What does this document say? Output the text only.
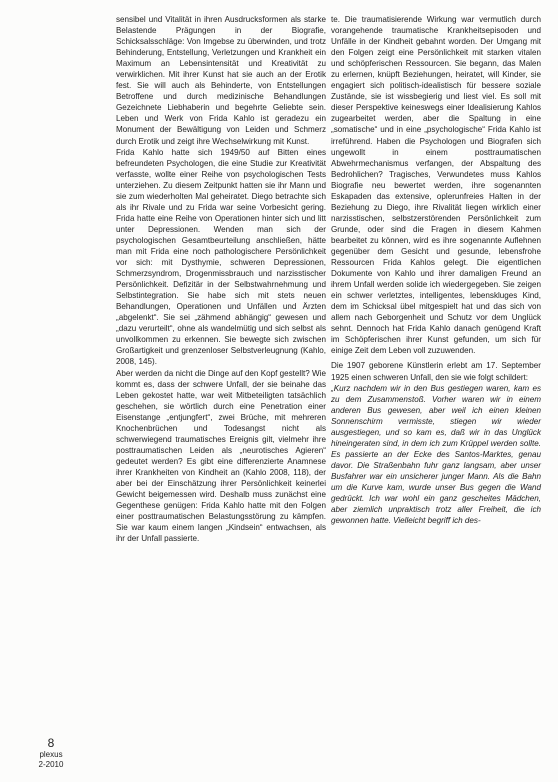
sensibel und Vitalität in ihren Ausdrucksformen als starke Belastende Prägungen in der Biografie, Schicksalsschläge: Von Imgebse zu überwinden, und trotz Behinderung, Entstellung, Verletzungen und Krankheit ein Maximum an Lebensintensität und Kreativität zu verwirklichen. Mit ihrer Kunst hat sie auch an der Erotik fest. Sie will auch als Behinderte, von Entstellungen Betroffene und durch medizinische Behandlungen Gezeichnete Liebhaberin und begehrte Geliebte sein. Leben und Werk von Frida Kahlo ist geradezu ein Monument der Bewältigung von Leiden und Schmerz durch Erotik und zeigt ihre Wechselwirkung mit Kunst.

Frida Kahlo hatte sich 1949/50 auf Bitten eines befreundeten Psychologen, die eine Studie zur Kreativität verfasste, wollte einer Reihe von psychologischen Tests unterziehen. Zu diesem Zeitpunkt hatten sie ihr Mann und sie zum wiederholten Mal geheiratet. Diego betrachte sich als ihr Rivale und zu Frida war seine Vorbesicht gering. Frida hatte eine Reihe von Operationen hinter sich und litt unter Depressionen. Wenden man sich der psychologischen Gesamtbeurteilung anschließen, hätte man mit Frida eine noch pathologischere Persönlichkeit vor sich: mit Dysthymie, schweren Depressionen, Schmerzsyndrom, Drogenmissbrauch und narzisstischer Persönlichkeit. Defizitär in der Selbstwahrnehmung und Selbstintegration. Sie habe sich mit stets neuen Behandlungen, Operationen und Unfällen und Ärzten „abgelenkt“. Sie sei „zähmend abhängig“ gewesen und „dazu verurteilt“, ohne als wandelmütig und sich selbst als unvollkommen zu erkennen. Sie bewegte sich zwischen Großartigkeit und grenzenloser Selbstverleugnung (Kahlo, 2008, 145).

Aber werden da nicht die Dinge auf den Kopf gestellt? Wie kommt es, dass der schwere Unfall, der sie beinahe das Leben gekostet hatte, war weit Mitbeteiligten tatsächlich geschehen, sie wörtlich durch eine Penetration einer Eisenstange „entjungfert“, zwei Brüche, mit mehreren Knochenbrüchen und Todesangst nicht als schwerwiegend traumatisches Ereignis gilt, vielmehr ihre posttraumatischen Leiden als „neurotisches Agieren“ gedeutet werden? Es gibt eine differenzierte Anamnese ihrer Krankheiten von Kindheit an (Kahlo 2008, 118), der aber bei der Einschätzung ihrer Persönlichkeit keinerlei Gewicht beigemessen wird. Deshalb muss zunächst eine Gegenthese genügen: Frida Kahlo hatte mit den Folgen einer posttraumatischen Belastungsstörung zu kämpfen. Sie war kaum einem langen „Kindsein“ entwachsen, als ihr der Unfall passierte.

te. Die traumatisierende Wirkung war vermutlich durch vorangehende traumatische Krankheitsepisoden und Unfälle in der Kindheit gebahnt worden. Der Umgang mit den Folgen zeigt eine Persönlichkeit mit starken vitalen und schöpferischen Ressourcen. Sie begann, das Malen zu erlernen, knüpft Beziehungen, heiratet, will Kinder, sie engagiert sich politisch-idealistisch für bessere soziale Zustände, sie ist wissbegierig und liest viel. Es soll mit dieser Perspektive keineswegs einer Idealisierung Kahlos zugearbeitet werden, aber die Spaltung in eine „somatische“ und in eine „psychologische“ Frida Kahlo ist irreführend. Haben die Psychologen und Biografen sich ungewollt in einem posttraumatischen Abwehrmechanismus verfangen, der Abspaltung des Bedrohlichen? Tragisches, Verwundetes muss Kahlos Biografie neu bewertet werden, ihre sogenannten Eskapaden das extensive, oplerunfreies Halten in der Beziehung zu Diego, ihre Rivalität liegen wirklich einer narzisstischen, selbstzerstörenden Persönlichkeit zum Grunde, oder sind die Fragen in diesem Kahmen bearbeitet zu können, wird es ihre sogenannte Auflehnen gegenüber dem Gesicht und gesunde, lebensfrohe Ressourcen Frida Kahlos gelegt. Die eigentlichen Dokumente von Kahlo und ihrer damaligen Freund an ihrem Unfall werden solide ich wiedergegeben. Sie zeigen ein schwer verletztes, intelligentes, lebenskluges Kind, dem im Schicksal übel mitgespielt hat und das sich von allem nach Geborgenheit und Schutz vor dem Unglück sehnt. Dennoch hat Frida Kahlo danach genügend Kraft im Schöpferischen ihrer Kunst gefunden, um sich für einige Zeit dem Leben voll zuzuwenden.

Die 1907 geborene Künstlerin erlebt am 17. September 1925 einen schweren Unfall, den sie wie folgt schildert:

„Kurz nachdem wir in den Bus gestiegen waren, kam es zu dem Zusammenstoß. Vorher waren wir in einem anderen Bus gewesen, aber weil ich einen kleinen Sonnenschirm vermisste, stiegen wir wieder ausgestiegen, und so kam es, daß wir in das Unglück hineingeraten sind, in dem ich zum Krüppel werden sollte. Es passierte an der Ecke des Santos-Marktes, genau davor. Die Straßenbahn fuhr ganz langsam, aber unser Busfahrer war ein unsicherer junger Mann. Als die Bahn um die Kurve kam, wurde unser Bus gegen die Wand gedrückt. Ich war wohl ein ganz gescheites Mädchen, aber ziemlich unpraktisch trotz aller Freiheit, die ich gewonnen hatte. Vielleicht begriff ich des-

8
plexus
2-2010
